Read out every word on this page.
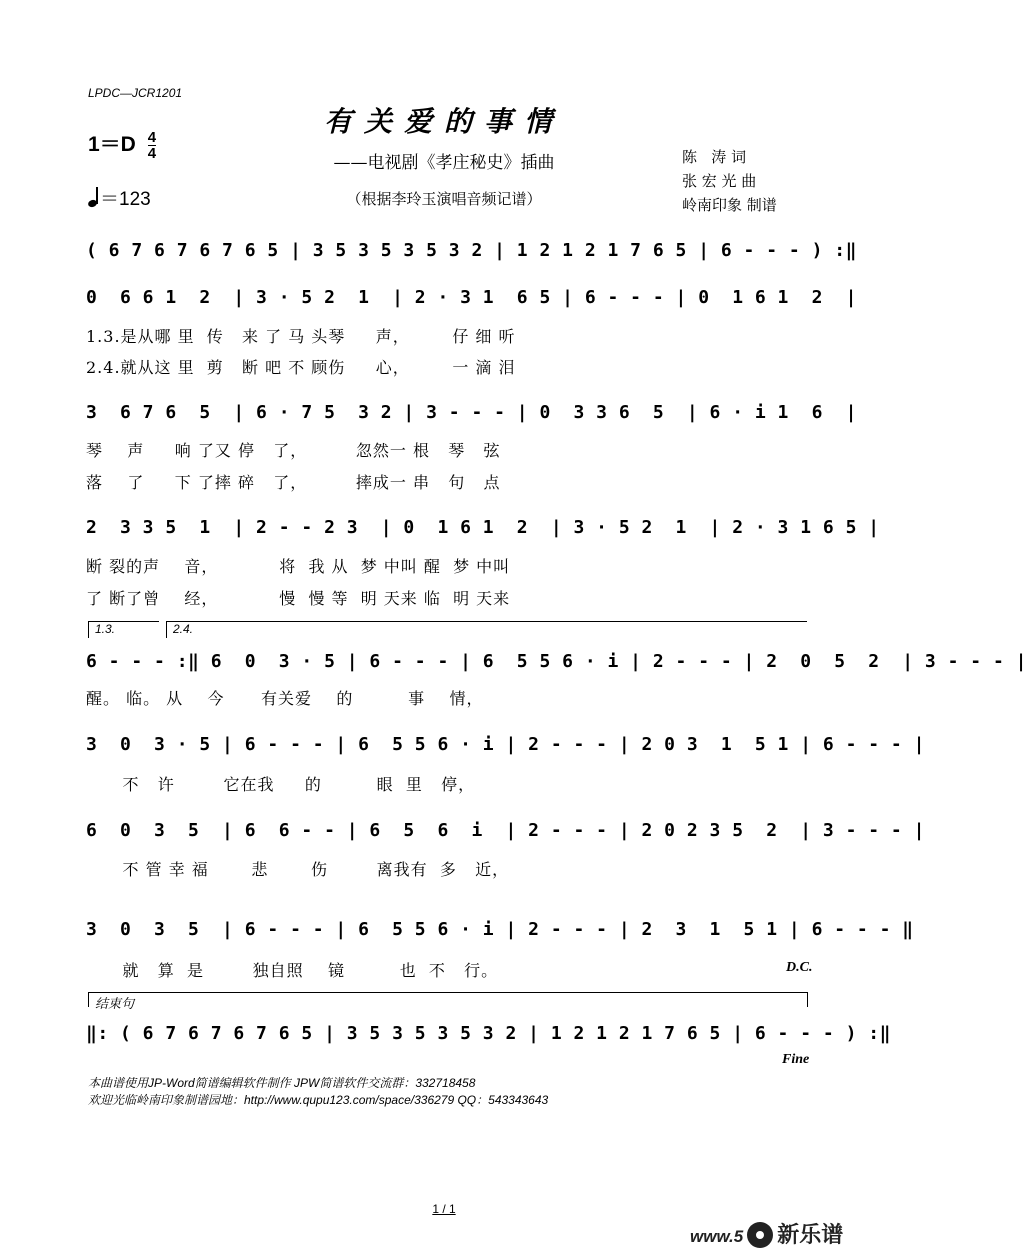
LPDC—JCR1201
$1=D \frac{4}{4}$
＝123
有关爱的事情
——电视剧《孝庄秘史》插曲
（根据李玲玉演唱音频记谱）
陈   涛 词
张 宏 光 曲
岭南印象 制谱
( 6 7 6 7 6 7 6 5 | 3 5 3 5 3 5 3 2 | 1 2 1 2 1 7 6 5 | 6 - - - ) :‖
0  6 6 1  2  | 3 · 5 2  1  | 2 · 3 1  6 5 | 6 - - - | 0  1 6 1  2  |
1.3.是从哪 里  传   来 了 马 头琴     声，       仔 细 听
2.4.就从这 里  剪   断 吧 不 顾伤     心，       一 滴 泪
3  6 7 6  5  | 6 · 7 5  3 2 | 3 - - - | 0  3 3 6  5  | 6 · i 1  6  |
琴    声     响 了又 停   了，        忽然一 根   琴   弦
落    了     下 了摔 碎   了，        摔成一 串   句   点
2  3 3 5  1  | 2 - - 2 3  | 0  1 6 1  2  | 3 · 5 2  1  | 2 · 3 1 6 5 |
断 裂的声    音，          将  我 从  梦 中叫 醒  梦 中叫
了 断了曾    经，          慢  慢 等  明 天来 临  明 天来
1.3.	2.4.
6 - - - :‖ 6  0  3 · 5 | 6 - - - | 6  5 5 6 · i | 2 - - - | 2  0  5  2  | 3 - - - |
醒。 临。 从    今      有关爱    的         事    情，
3  0  3 · 5 | 6 - - - | 6  5 5 6 · i | 2 - - - | 2 0 3  1  5 1 | 6 - - - |
不   许        它在我     的         眼  里   停，
6  0  3  5  | 6  6 - - | 6  5  6  i  | 2 - - - | 2 0 2 3 5  2  | 3 - - - |
不 管 幸 福       悲       伤        离我有  多   近，
3  0  3  5  | 6 - - - | 6  5 5 6 · i | 2 - - - | 2  3  1  5 1 | 6 - - - ‖
就   算  是        独自照    镜         也  不   行。	D.C.
结束句
‖: ( 6 7 6 7 6 7 6 5 | 3 5 3 5 3 5 3 2 | 1 2 1 2 1 7 6 5 | 6 - - - ) :‖
Fine
本曲谱使用JP-Word简谱编辑软件制作 JPW简谱软件交流群：332718458
欢迎光临岭南印象制谱园地：http://www.qupu123.com/space/336279 QQ：543343643
1 / 1
www.5 新乐谱
